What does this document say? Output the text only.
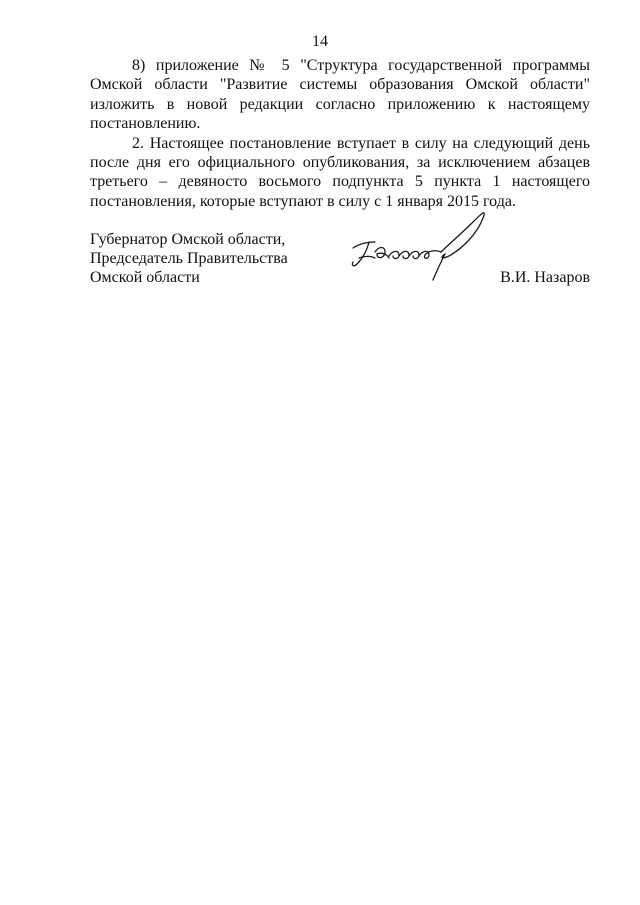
14

8) приложение № 5 "Структура государственной программы Омской области "Развитие системы образования Омской области" изложить в новой редакции согласно приложению к настоящему постановлению.

2. Настоящее постановление вступает в силу на следующий день после дня его официального опубликования, за исключением абзацев третьего – девяносто восьмого подпункта 5 пункта 1 настоящего постановления, которые вступают в силу с 1 января 2015 года.

Губернатор Омской области,
Председатель Правительства
Омской области	В.И. Назаров
